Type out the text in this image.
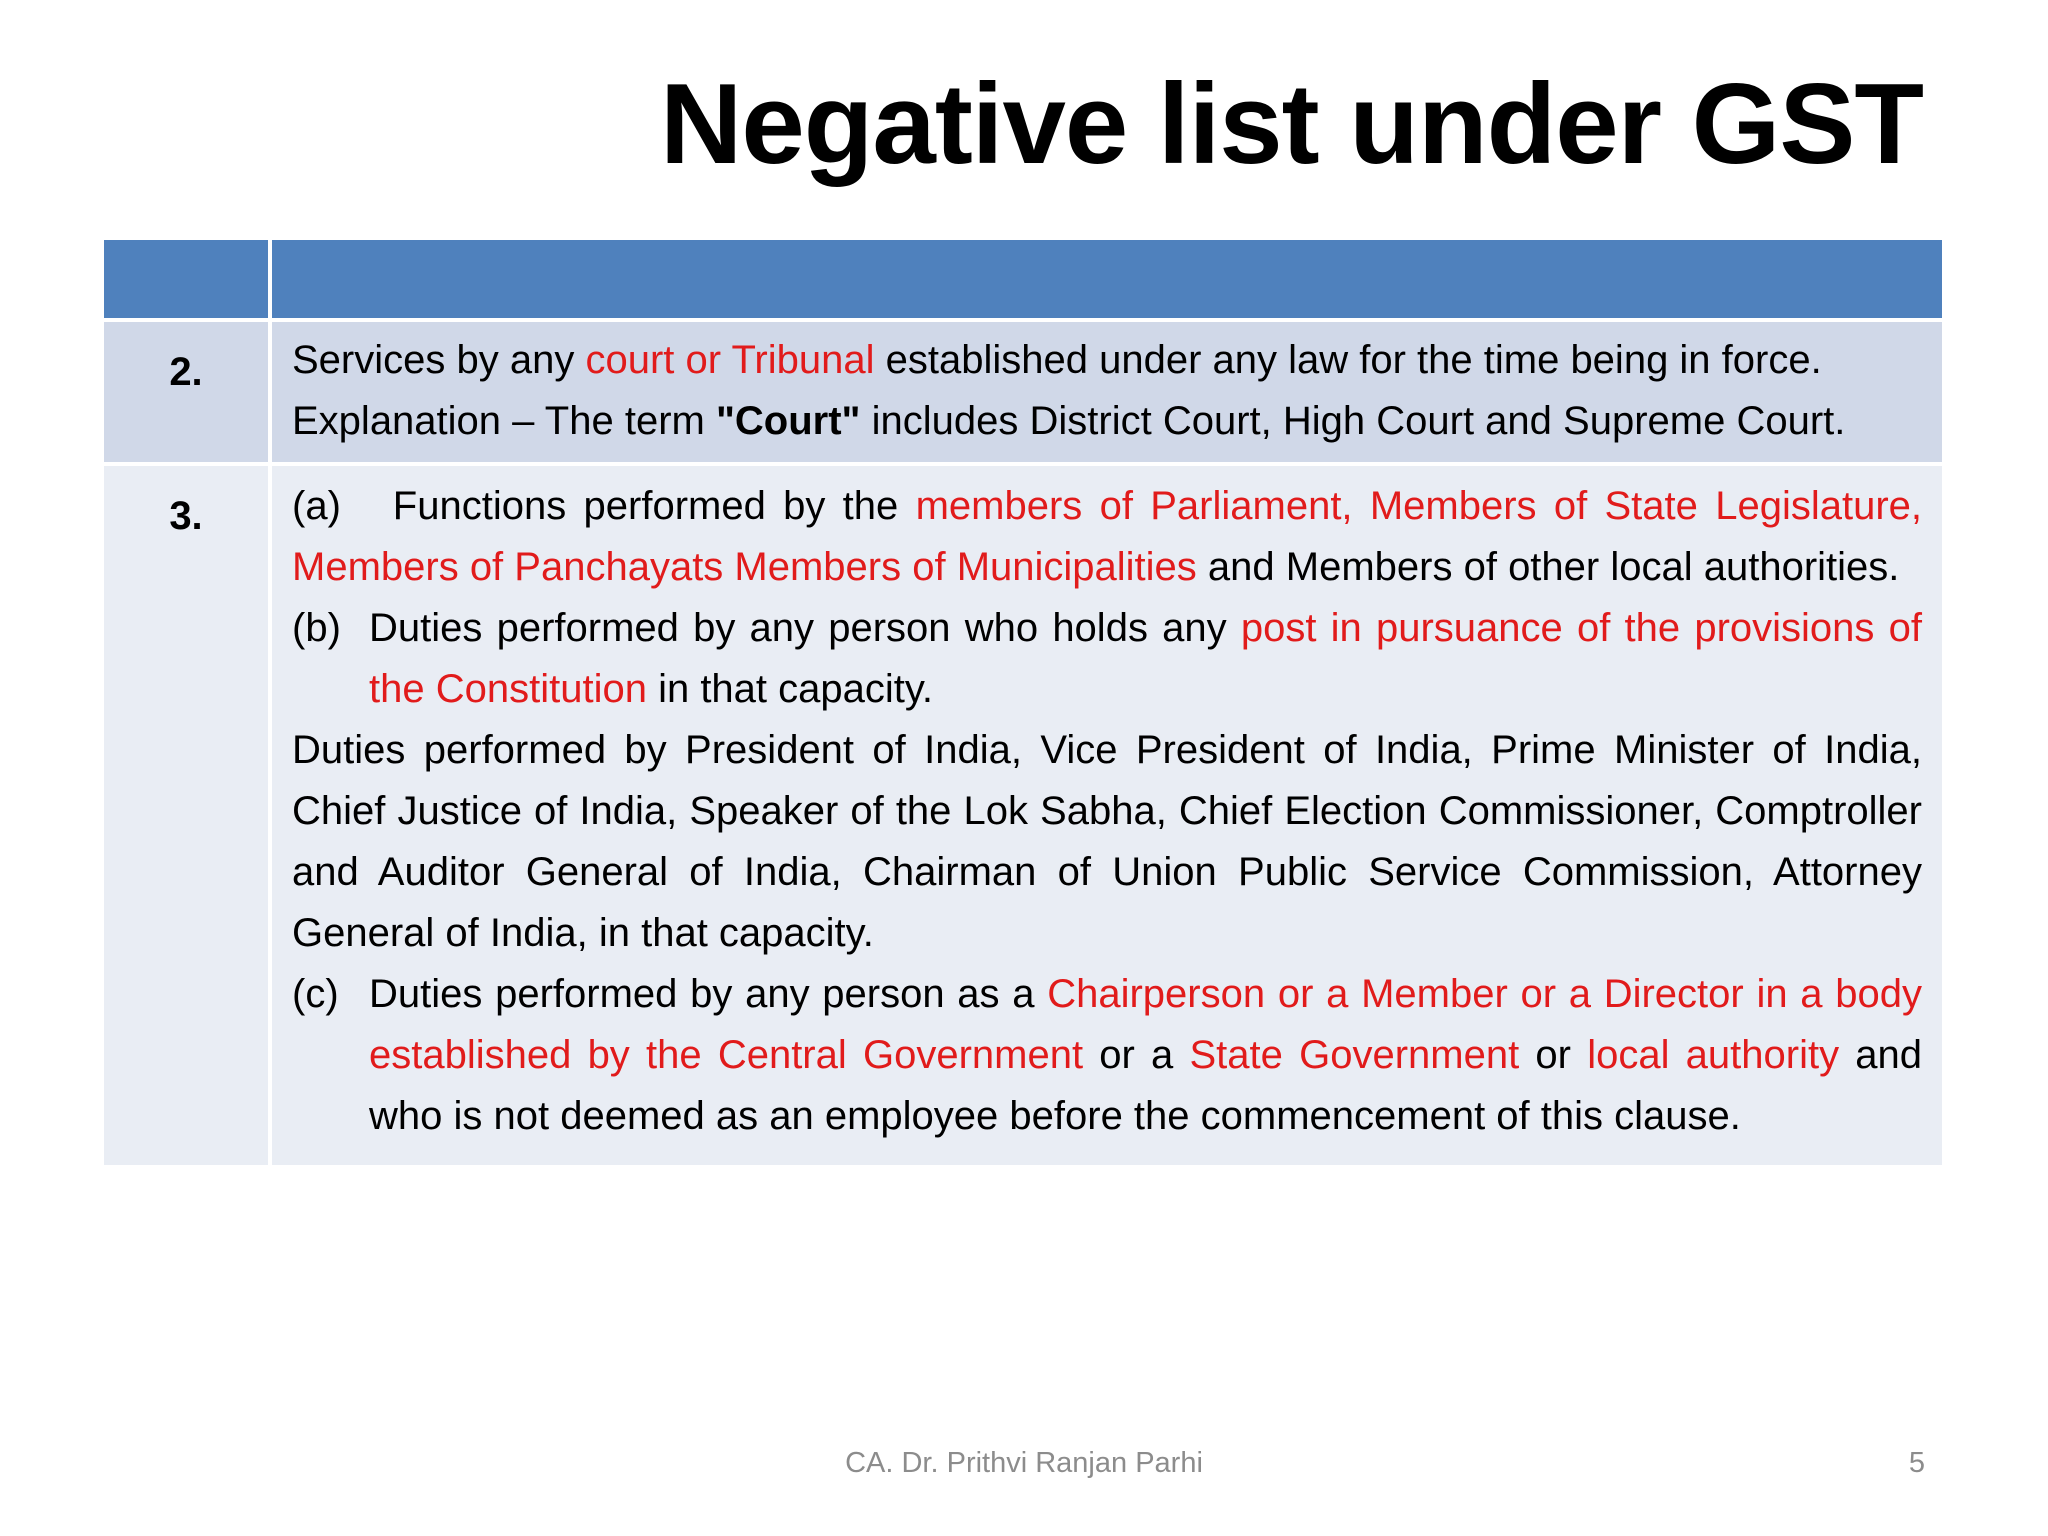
Negative list under GST
2.	Services by any court or Tribunal established under any law for the time being in force.
Explanation – The term "Court" includes District Court, High Court and Supreme Court.
3.	(a) Functions performed by the members of Parliament, Members of State Legislature, Members of Panchayats Members of Municipalities and Members of other local authorities.
(b) Duties performed by any person who holds any post in pursuance of the provisions of the Constitution in that capacity.
Duties performed by President of India, Vice President of India, Prime Minister of India, Chief Justice of India, Speaker of the Lok Sabha, Chief Election Commissioner, Comptroller and Auditor General of India, Chairman of Union Public Service Commission, Attorney General of India, in that capacity.
(c) Duties performed by any person as a Chairperson or a Member or a Director in a body established by the Central Government or a State Government or local authority and who is not deemed as an employee before the commencement of this clause.
CA. Dr. Prithvi Ranjan Parhi	5
